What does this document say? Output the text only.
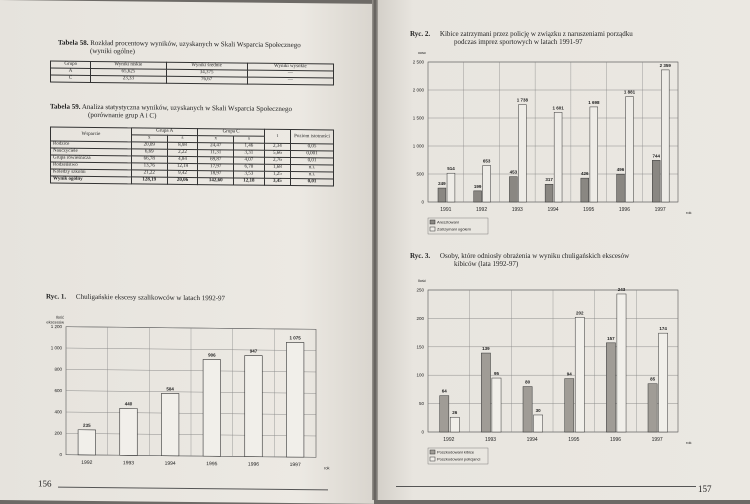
Tabela 58. Rozkład procentowy wyników, uzyskanych w Skali Wsparcia Społecznego
(wyniki ogólne)
Grupa	Wyniki niskie	Wyniki średnie	Wyniki wysokie
A	65,625	34,375	—
C	23,33	76,67	—
Tabela 59. Analiza statystyczna wyników, uzyskanych w Skali Wsparcia Społecznego
(porównanie grup A i C)
Wsparcie	Grupa A		Grupa C		t	Poziom istotności
	x	s	x	s		
Rodzice	20,09	8,98	24,47	1,46	2,34	0,05
Nauczyciele	6,69	2,22	11,31	3,31	5,66	0,001
Grupa rówieśnicza	66,78	4,84	69,87	4,07	2,76	0,01
Rodzeństwo	13,76	12,19	17,97	6,70	1,68	n.i.
Koledzy szkolni	21,22	9,42	18,97	3,53	1,25	n.i.
Wynik ogólny	128,19	20,06	142,60	12,18	3,45	0,01
Ryc. 1. Chuligańskie ekscesy szalikowców w latach 1992-97
0
200
400
600
800
1 000
1 200
Ilość
ekscesów
1992	1993	1994	1995	1996	1997	rok
235
440
584
906
947
1 075
156
Ryc. 2. Kibice zatrzymani przez policję w związku z naruszeniami porządku
podczas imprez sportowych w latach 1991-97
0
500
1 000
1 500
2 000
2 500
Ilość
1991	1992	1993	1994	1995	1996	1997	rok
249
199
453
317
426
496
744
514
653
1 738
1 601
1 698
1 881
2 359
Aresztowani
Zatrzymani ogółem
Ryc. 3. Osoby, które odniosły obrażenia w wyniku chuligańskich ekscesów
kibiców (lata 1992-97)
0
50
100
150
200
250
Ilość
1992	1993	1994	1995	1996	1997	rok
64
139
80
94
157
85
26
95
30
202
243
174
Poszkodowani kibice
Poszkodowani policjanci
157
